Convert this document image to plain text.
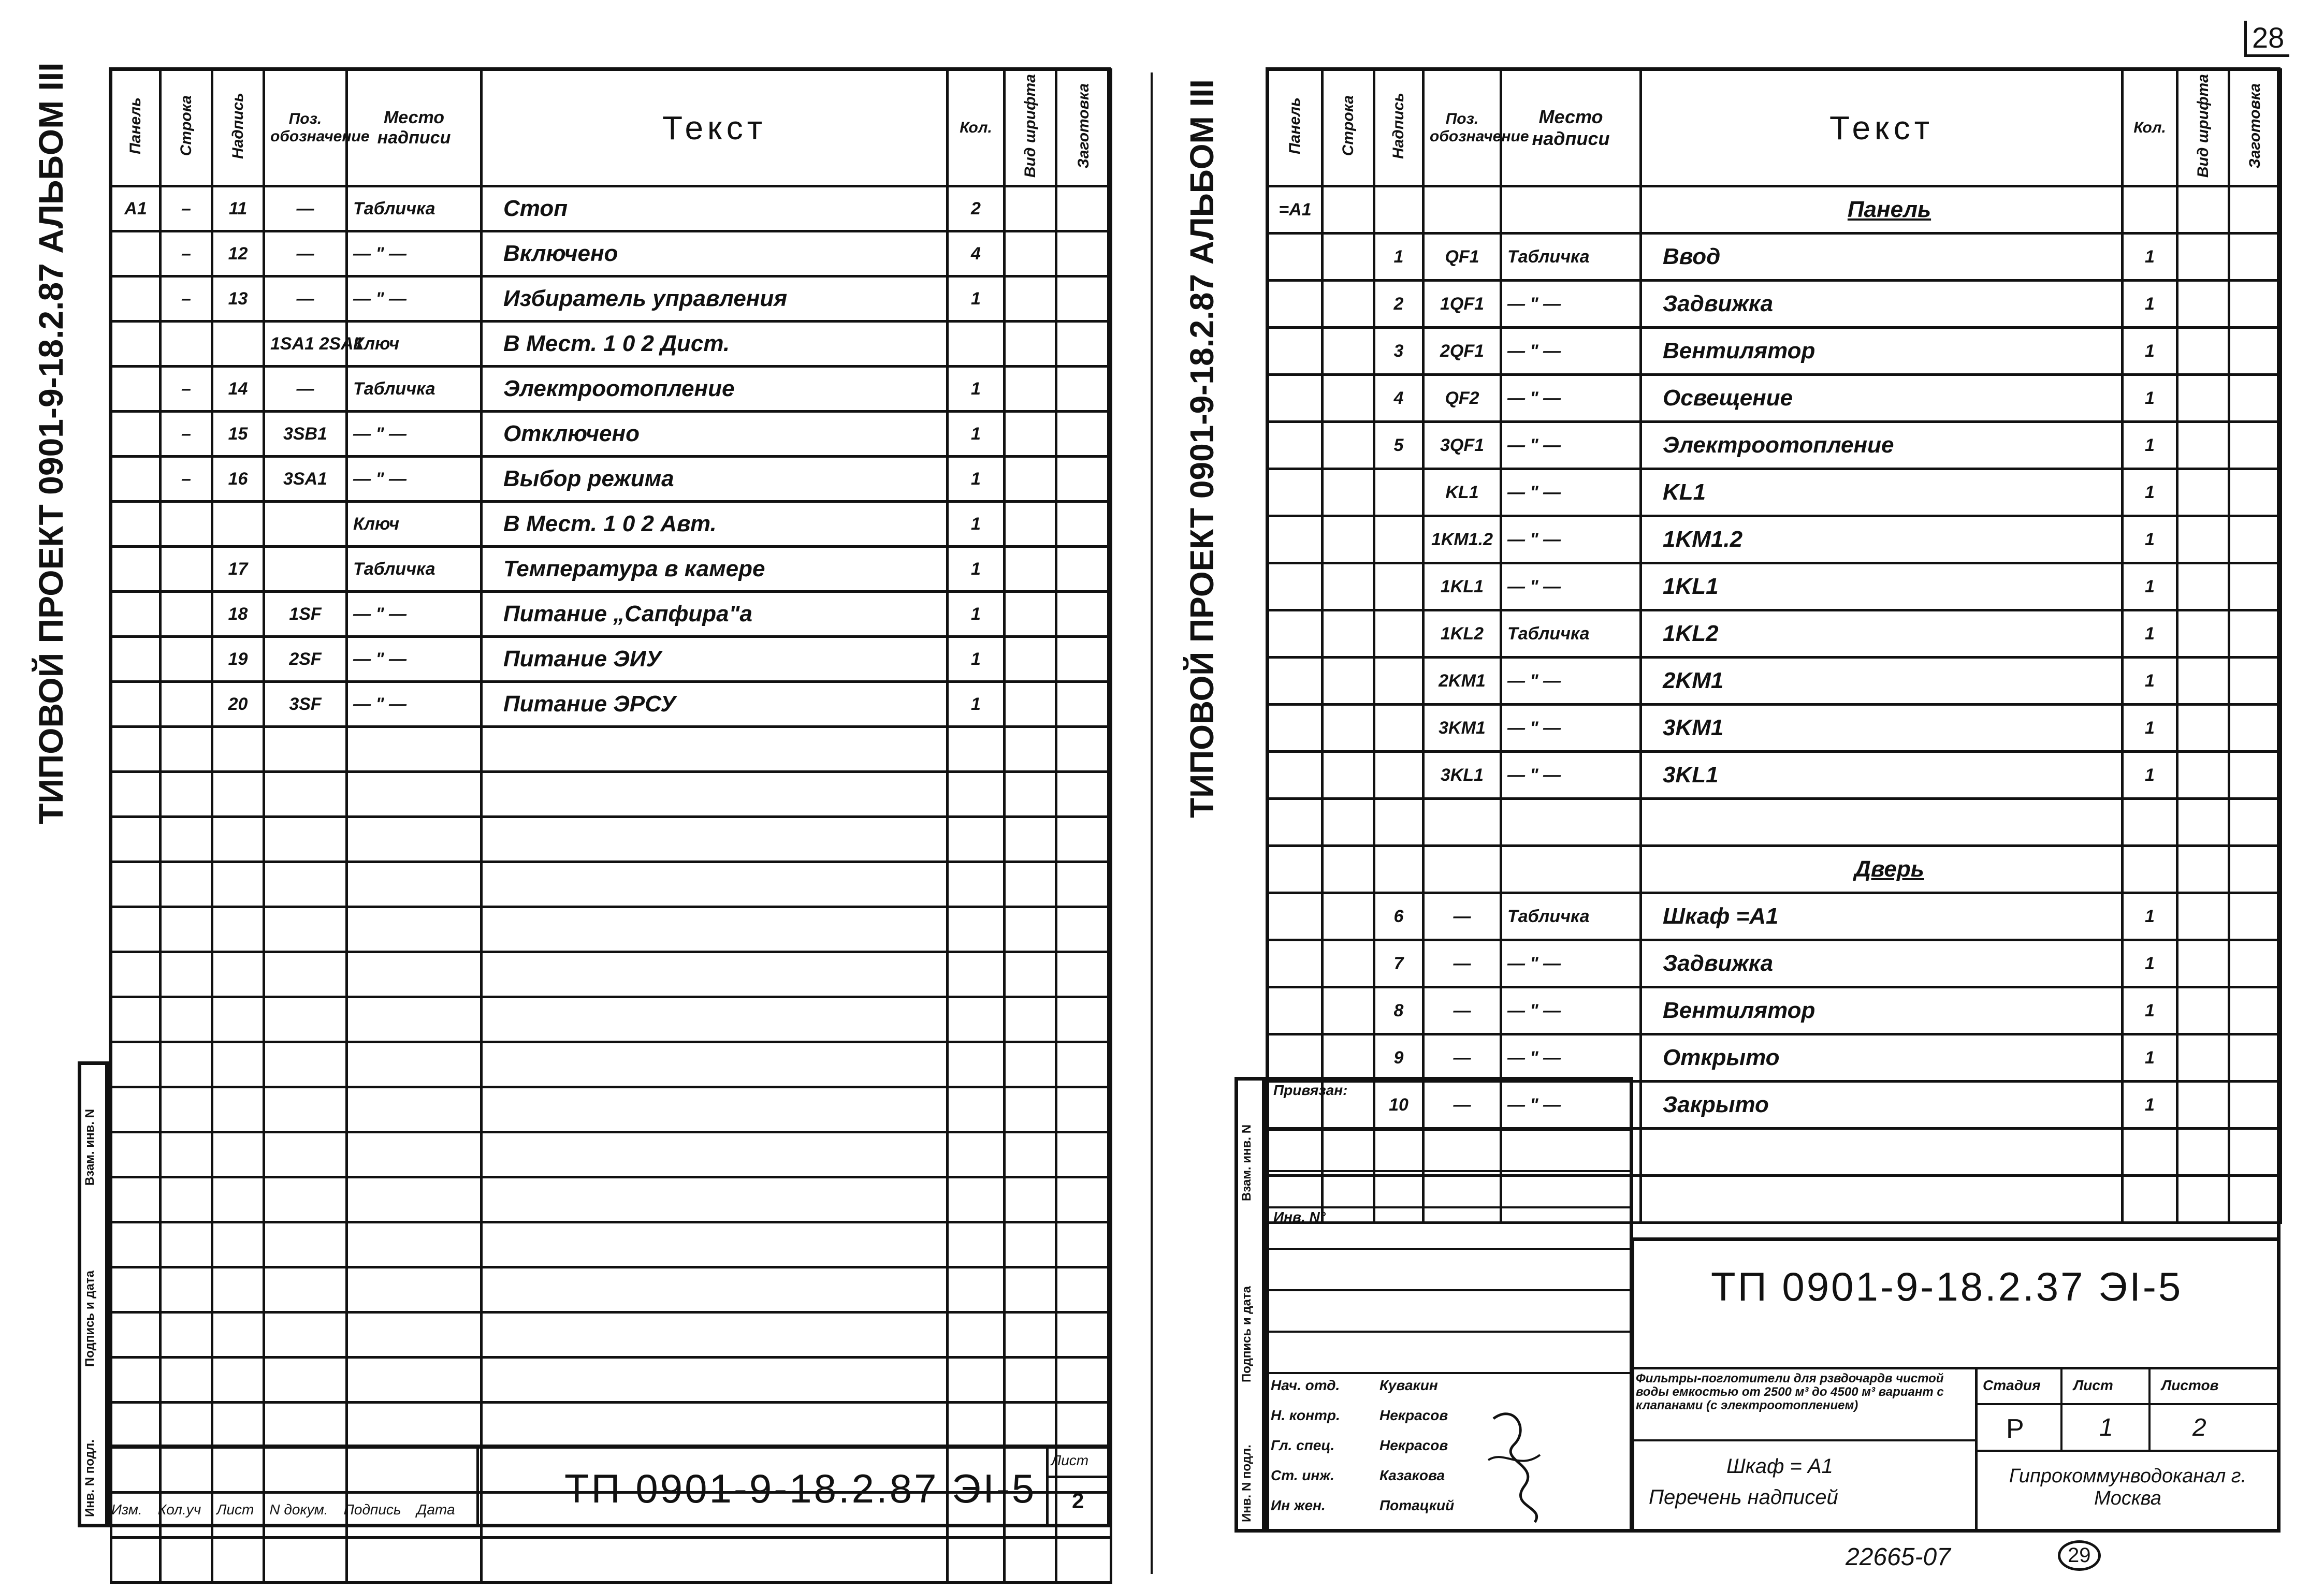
ТИПОВОЙ ПРОЕКТ 0901-9-18.2.87 АЛЬБОМ III
Взам. инв. N
Подпись и дата
Инв. N подл.
Панель	Строка	Надпись	Поз. обозначение	Место надписи	Текст	Кол.	Вид шрифта	Заготовка
A1	–	11	—	Табличка	Стоп	2		
	–	12	—	— " —	Включено	4		
	–	13	—	— " —	Избиратель управления	1		
			1SA1 2SA1	Ключ	В Мест. 1 0 2 Дист.			
	–	14	—	Табличка	Электроотопление	1		
	–	15	3SB1	— " —	Отключено	1		
	–	16	3SA1	— " —	Выбор режима	1		
				Ключ	В Мест. 1 0 2 Авт.	1		
		17		Табличка	Температура в камере	1		
		18	1SF	— " —	Питание „Сапфира"а	1		
		19	2SF	— " —	Питание ЭИУ	1		
		20	3SF	— " —	Питание ЭРСУ	1		

ТП 0901-9-18.2.87 ЭI-5
Лист
2
Изм. Кол.уч Лист N докум. Подпись Дата
28
ТИПОВОЙ ПРОЕКТ 0901-9-18.2.87 АЛЬБОМ III
Взам. инв. N
Подпись и дата
Инв. N подл.
Панель	Строка	Надпись	Поз. обозначение	Место надписи	Текст	Кол.	Вид шрифта	Заготовка
=A1					Панель			
		1	QF1	Табличка	Ввод	1		
		2	1QF1	— " —	Задвижка	1		
		3	2QF1	— " —	Вентилятор	1		
		4	QF2	— " —	Освещение	1		
		5	3QF1	— " —	Электроотопление	1		
			KL1	— " —	KL1	1		
			1KM1.2	— " —	1KM1.2	1		
			1KL1	— " —	1KL1	1		
			1KL2	Табличка	1KL2	1		
			2KM1	— " —	2KM1	1		
			3KM1	— " —	3KM1	1		
			3KL1	— " —	3KL1	1		

					Дверь			
		6	—	Табличка	Шкаф =А1	1		
		7	—	— " —	Задвижка	1		
		8	—	— " —	Вентилятор	1		
		9	—	— " —	Открыто	1		
		10	—	— " —	Закрыто	1		

Привязан:
Инв. N°
ТП 0901-9-18.2.37 ЭI-5
Фильтры-поглотители для рзвдочардв чистой воды емкостью от 2500 м³ до 4500 м³ вариант с клапанами (с электроотоплением)
Шкаф = А1
Перечень надписей
Стадия Лист	Листов
Р	1	2
Гипрокоммунводоканал г. Москва
Нач. отд.	Кувакин
Н. контр.	Некрасов
Гл. спец.	Некрасов
Ст. инж.	Казакова
Ин жен.	Потацкий
22665-07	29
